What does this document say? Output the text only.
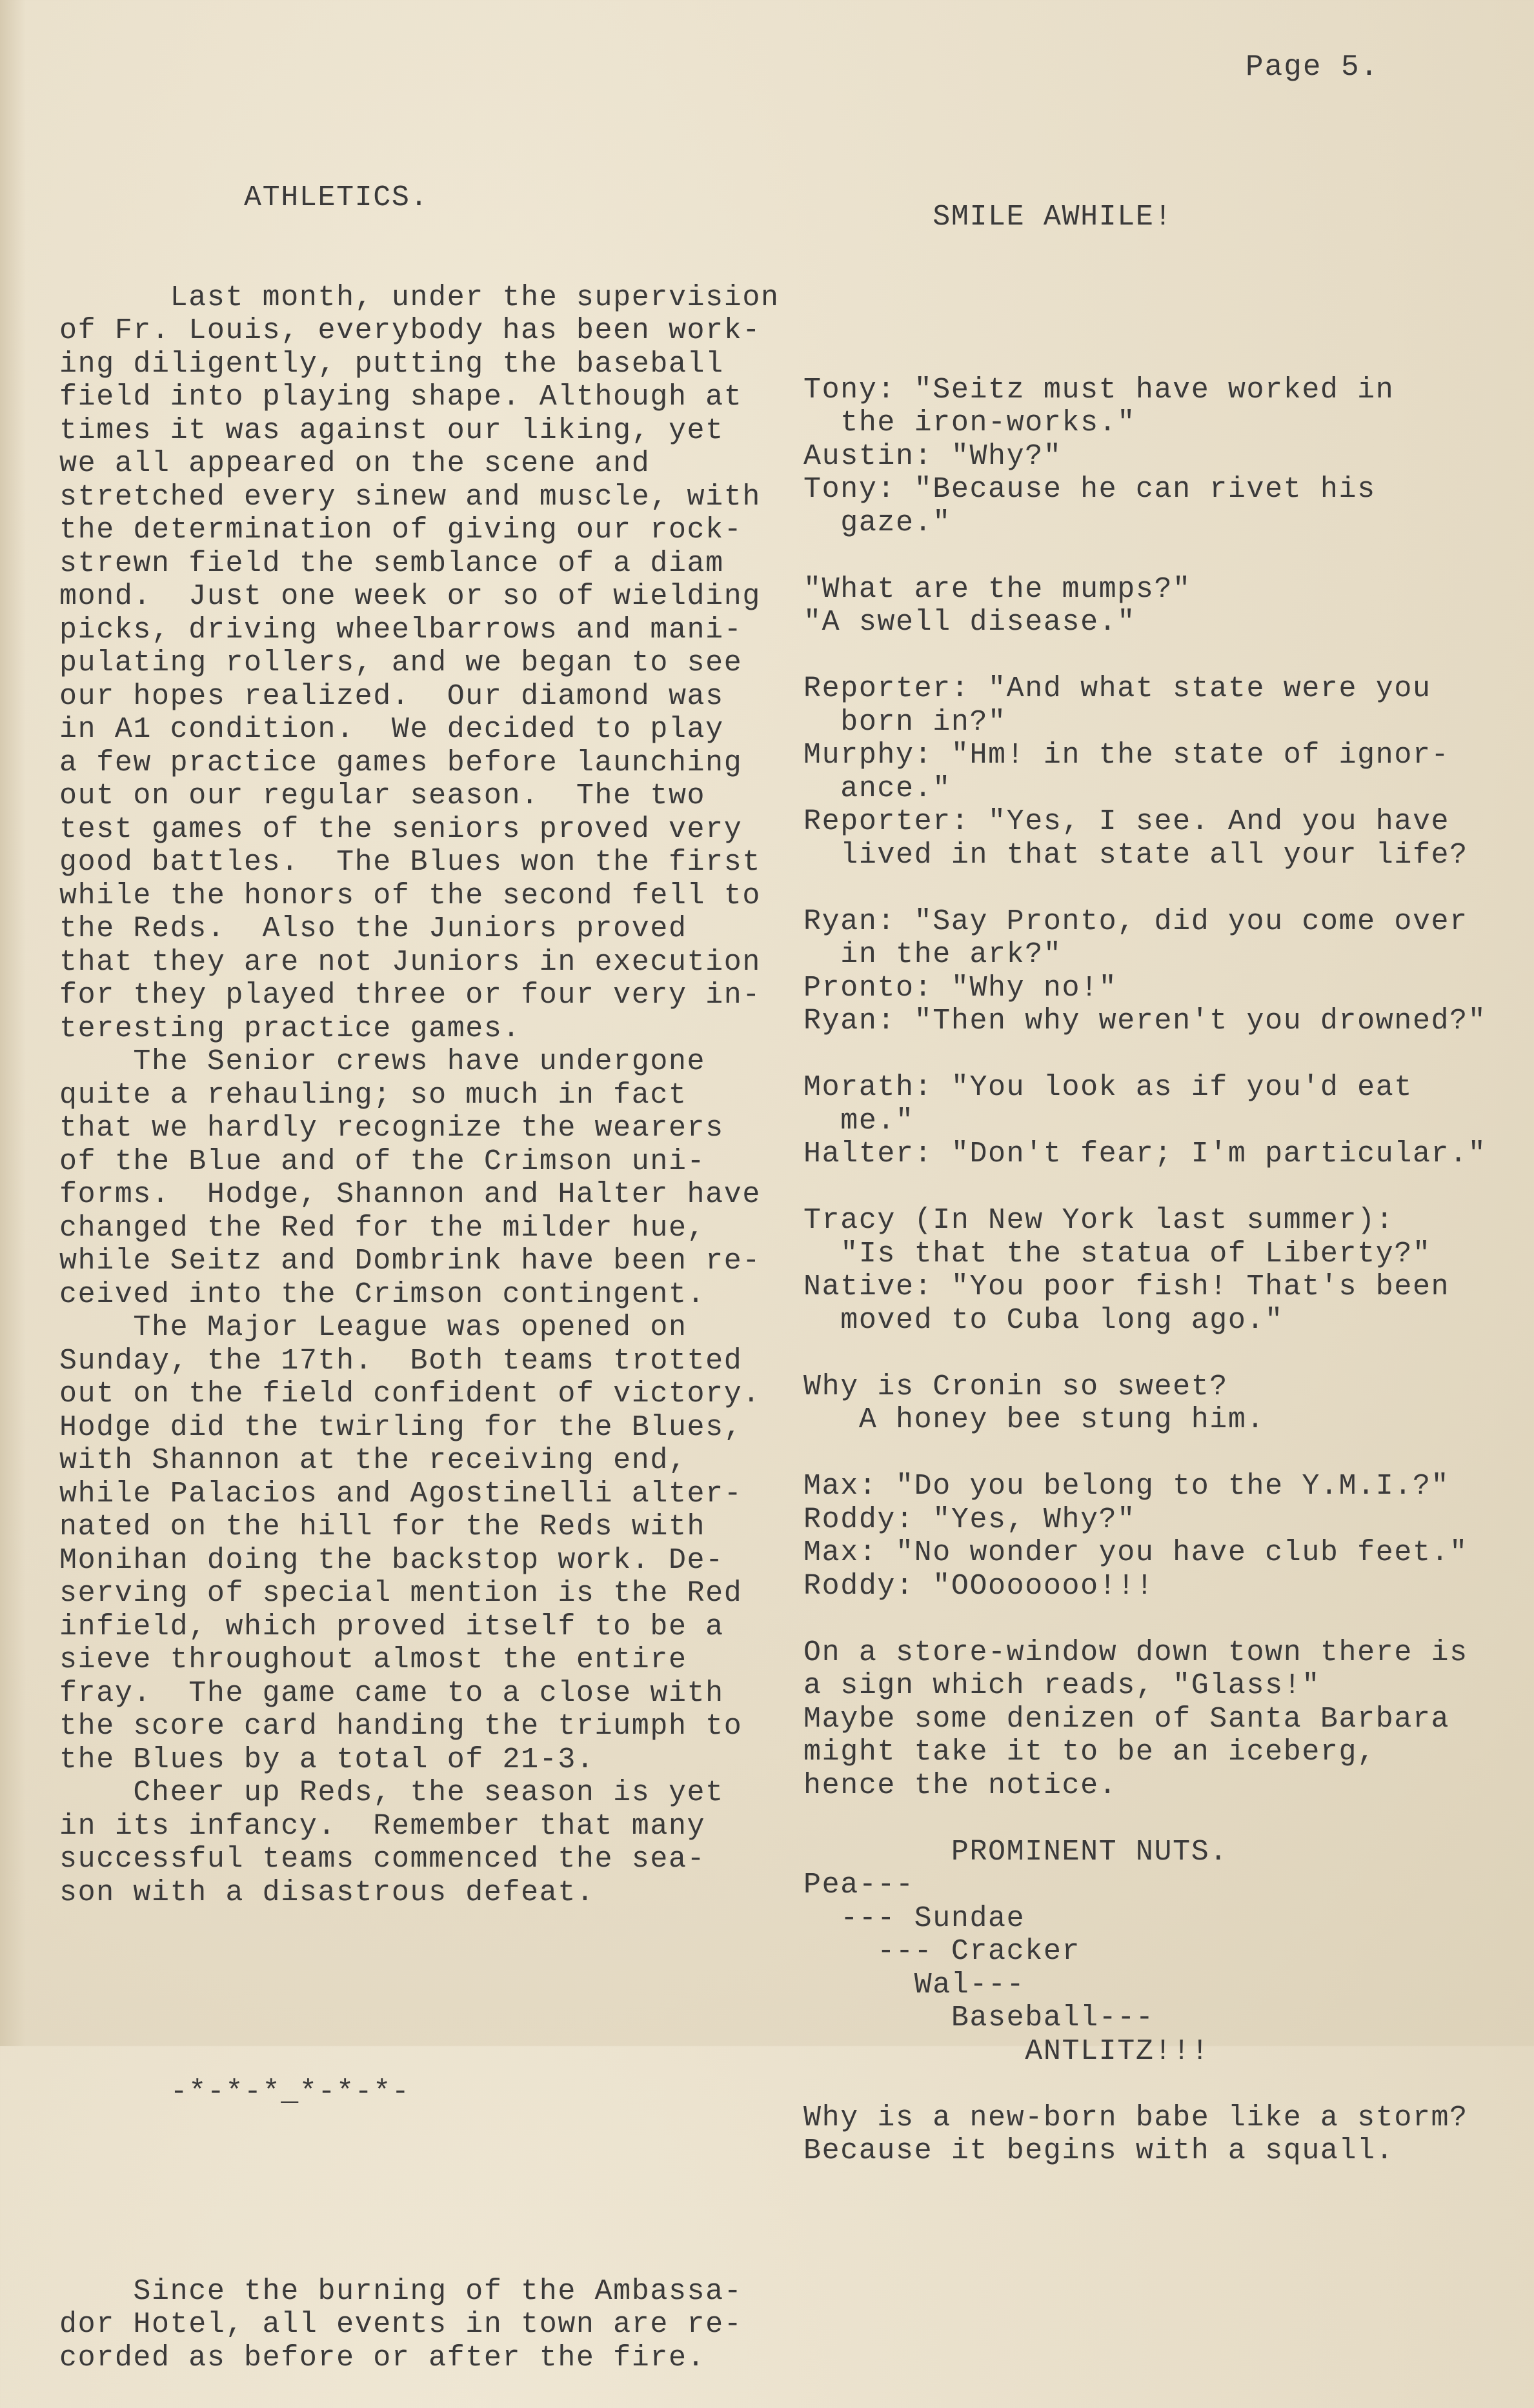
Page 5.

ATHLETICS.

Last month, under the supervision
of Fr. Louis, everybody has been work-
ing diligently, putting the baseball
field into playing shape. Although at
times it was against our liking, yet
we all appeared on the scene and
stretched every sinew and muscle, with
the determination of giving our rock-
strewn field the semblance of a diam
mond.  Just one week or so of wielding
picks, driving wheelbarrows and mani-
pulating rollers, and we began to see
our hopes realized.  Our diamond was
in A1 condition.  We decided to play
a few practice games before launching
out on our regular season.  The two
test games of the seniors proved very
good battles.  The Blues won the first
while the honors of the second fell to
the Reds.  Also the Juniors proved
that they are not Juniors in execution
for they played three or four very in-
teresting practice games.
The Senior crews have undergone
quite a rehauling; so much in fact
that we hardly recognize the wearers
of the Blue and of the Crimson uni-
forms.  Hodge, Shannon and Halter have
changed the Red for the milder hue,
while Seitz and Dombrink have been re-
ceived into the Crimson contingent.
The Major League was opened on
Sunday, the 17th.  Both teams trotted
out on the field confident of victory.
Hodge did the twirling for the Blues,
with Shannon at the receiving end,
while Palacios and Agostinelli alter-
nated on the hill for the Reds with
Monihan doing the backstop work. De-
serving of special mention is the Red
infield, which proved itself to be a
sieve throughout almost the entire
fray.  The game came to a close with
the score card handing the triumph to
the Blues by a total of 21-3.
Cheer up Reds, the season is yet
in its infancy.  Remember that many
successful teams commenced the sea-
son with a disastrous defeat.

-*-*-*_*-*-*-

Since the burning of the Ambassa-
dor Hotel, all events in town are re-
corded as before or after the fire.

SMILE AWHILE!

Tony: "Seitz must have worked in
the iron-works."
Austin: "Why?"
Tony: "Because he can rivet his
gaze."
"What are the mumps?"
"A swell disease."
Reporter: "And what state were you
born in?"
Murphy: "Hm! in the state of ignor-
ance."
Reporter: "Yes, I see. And you have
lived in that state all your life?
Ryan: "Say Pronto, did you come over
in the ark?"
Pronto: "Why no!"
Ryan: "Then why weren't you drowned?"
Morath: "You look as if you'd eat
me."
Halter: "Don't fear; I'm particular."
Tracy (In New York last summer):
"Is that the statua of Liberty?"
Native: "You poor fish! That's been
moved to Cuba long ago."
Why is Cronin so sweet?
A honey bee stung him.
Max: "Do you belong to the Y.M.I.?"
Roddy: "Yes, Why?"
Max: "No wonder you have club feet."
Roddy: "OOoooooo!!!
On a store-window down town there is
a sign which reads, "Glass!"
Maybe some denizen of Santa Barbara
might take it to be an iceberg,
hence the notice.
PROMINENT NUTS.
Pea---
--- Sundae
--- Cracker
Wal---
Baseball---
ANTLITZ!!!
Why is a new-born babe like a storm?
Because it begins with a squall.
